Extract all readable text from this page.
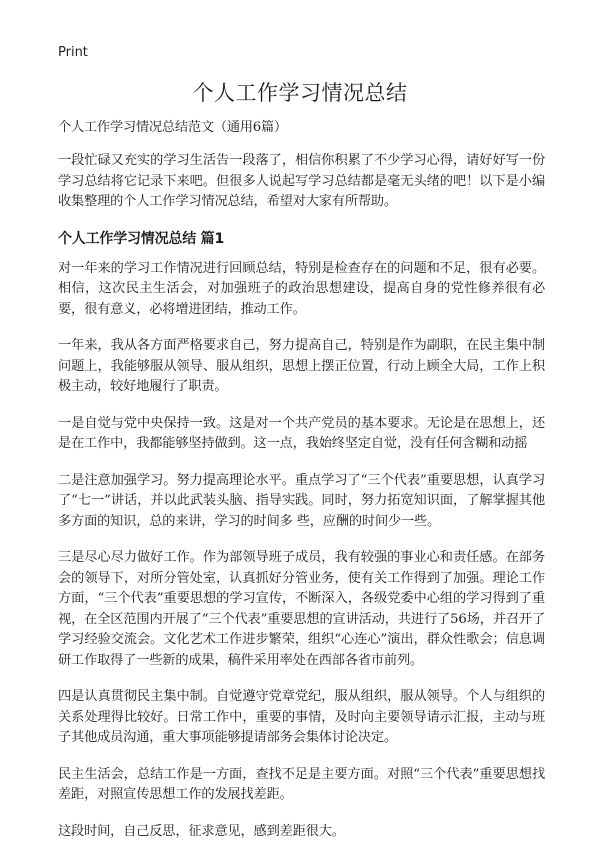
Print
个人工作学习情况总结

个人工作学习情况总结范文（通用6篇）

一段忙碌又充实的学习生活告一段落了，相信你积累了不少学习心得，请好好写一份学习总结将它记录下来吧。但很多人说起写学习总结都是毫无头绪的吧！以下是小编收集整理的个人工作学习情况总结，希望对大家有所帮助。

个人工作学习情况总结 篇1

对一年来的学习工作情况进行回顾总结，特别是检查存在的问题和不足，很有必要。相信，这次民主生活会，对加强班子的政治思想建设，提高自身的党性修养很有必要，很有意义，必将增进团结，推动工作。

一年来，我从各方面严格要求自己，努力提高自己，特别是作为副职，在民主集中制问题上，我能够服从领导、服从组织，思想上摆正位置，行动上顾全大局，工作上积极主动，较好地履行了职责。

一是自觉与党中央保持一致。这是对一个共产党员的基本要求。无论是在思想上，还是在工作中，我都能够坚持做到。这一点，我始终坚定自觉，没有任何含糊和动摇

二是注意加强学习。努力提高理论水平。重点学习了“三个代表”重要思想，认真学习了“七一”讲话，并以此武装头脑、指导实践。同时，努力拓宽知识面，了解掌握其他多方面的知识，总的来讲，学习的时间多 些，应酬的时间少一些。

三是尽心尽力做好工作。作为部领导班子成员，我有较强的事业心和责任感。在部务会的领导下，对所分管处室，认真抓好分管业务，使有关工作得到了加强。理论工作方面，“三个代表”重要思想的学习宣传，不断深入，各级党委中心组的学习得到了重视，在全区范围内开展了“三个代表”重要思想的宣讲活动，共进行了56场，并召开了学习经验交流会。文化艺术工作进步繁荣，组织“心连心”演出，群众性歌会；信息调研工作取得了一些新的成果，稿件采用率处在西部各省市前列。

四是认真贯彻民主集中制。自觉遵守党章党纪，服从组织，服从领导。个人与组织的关系处理得比较好。日常工作中，重要的事情，及时向主要领导请示汇报，主动与班子其他成员沟通，重大事项能够提请部务会集体讨论决定。

民主生活会，总结工作是一方面，查找不足是主要方面。对照“三个代表”重要思想找差距，对照宣传思想工作的发展找差距。

这段时间，自己反思，征求意见，感到差距很大。
